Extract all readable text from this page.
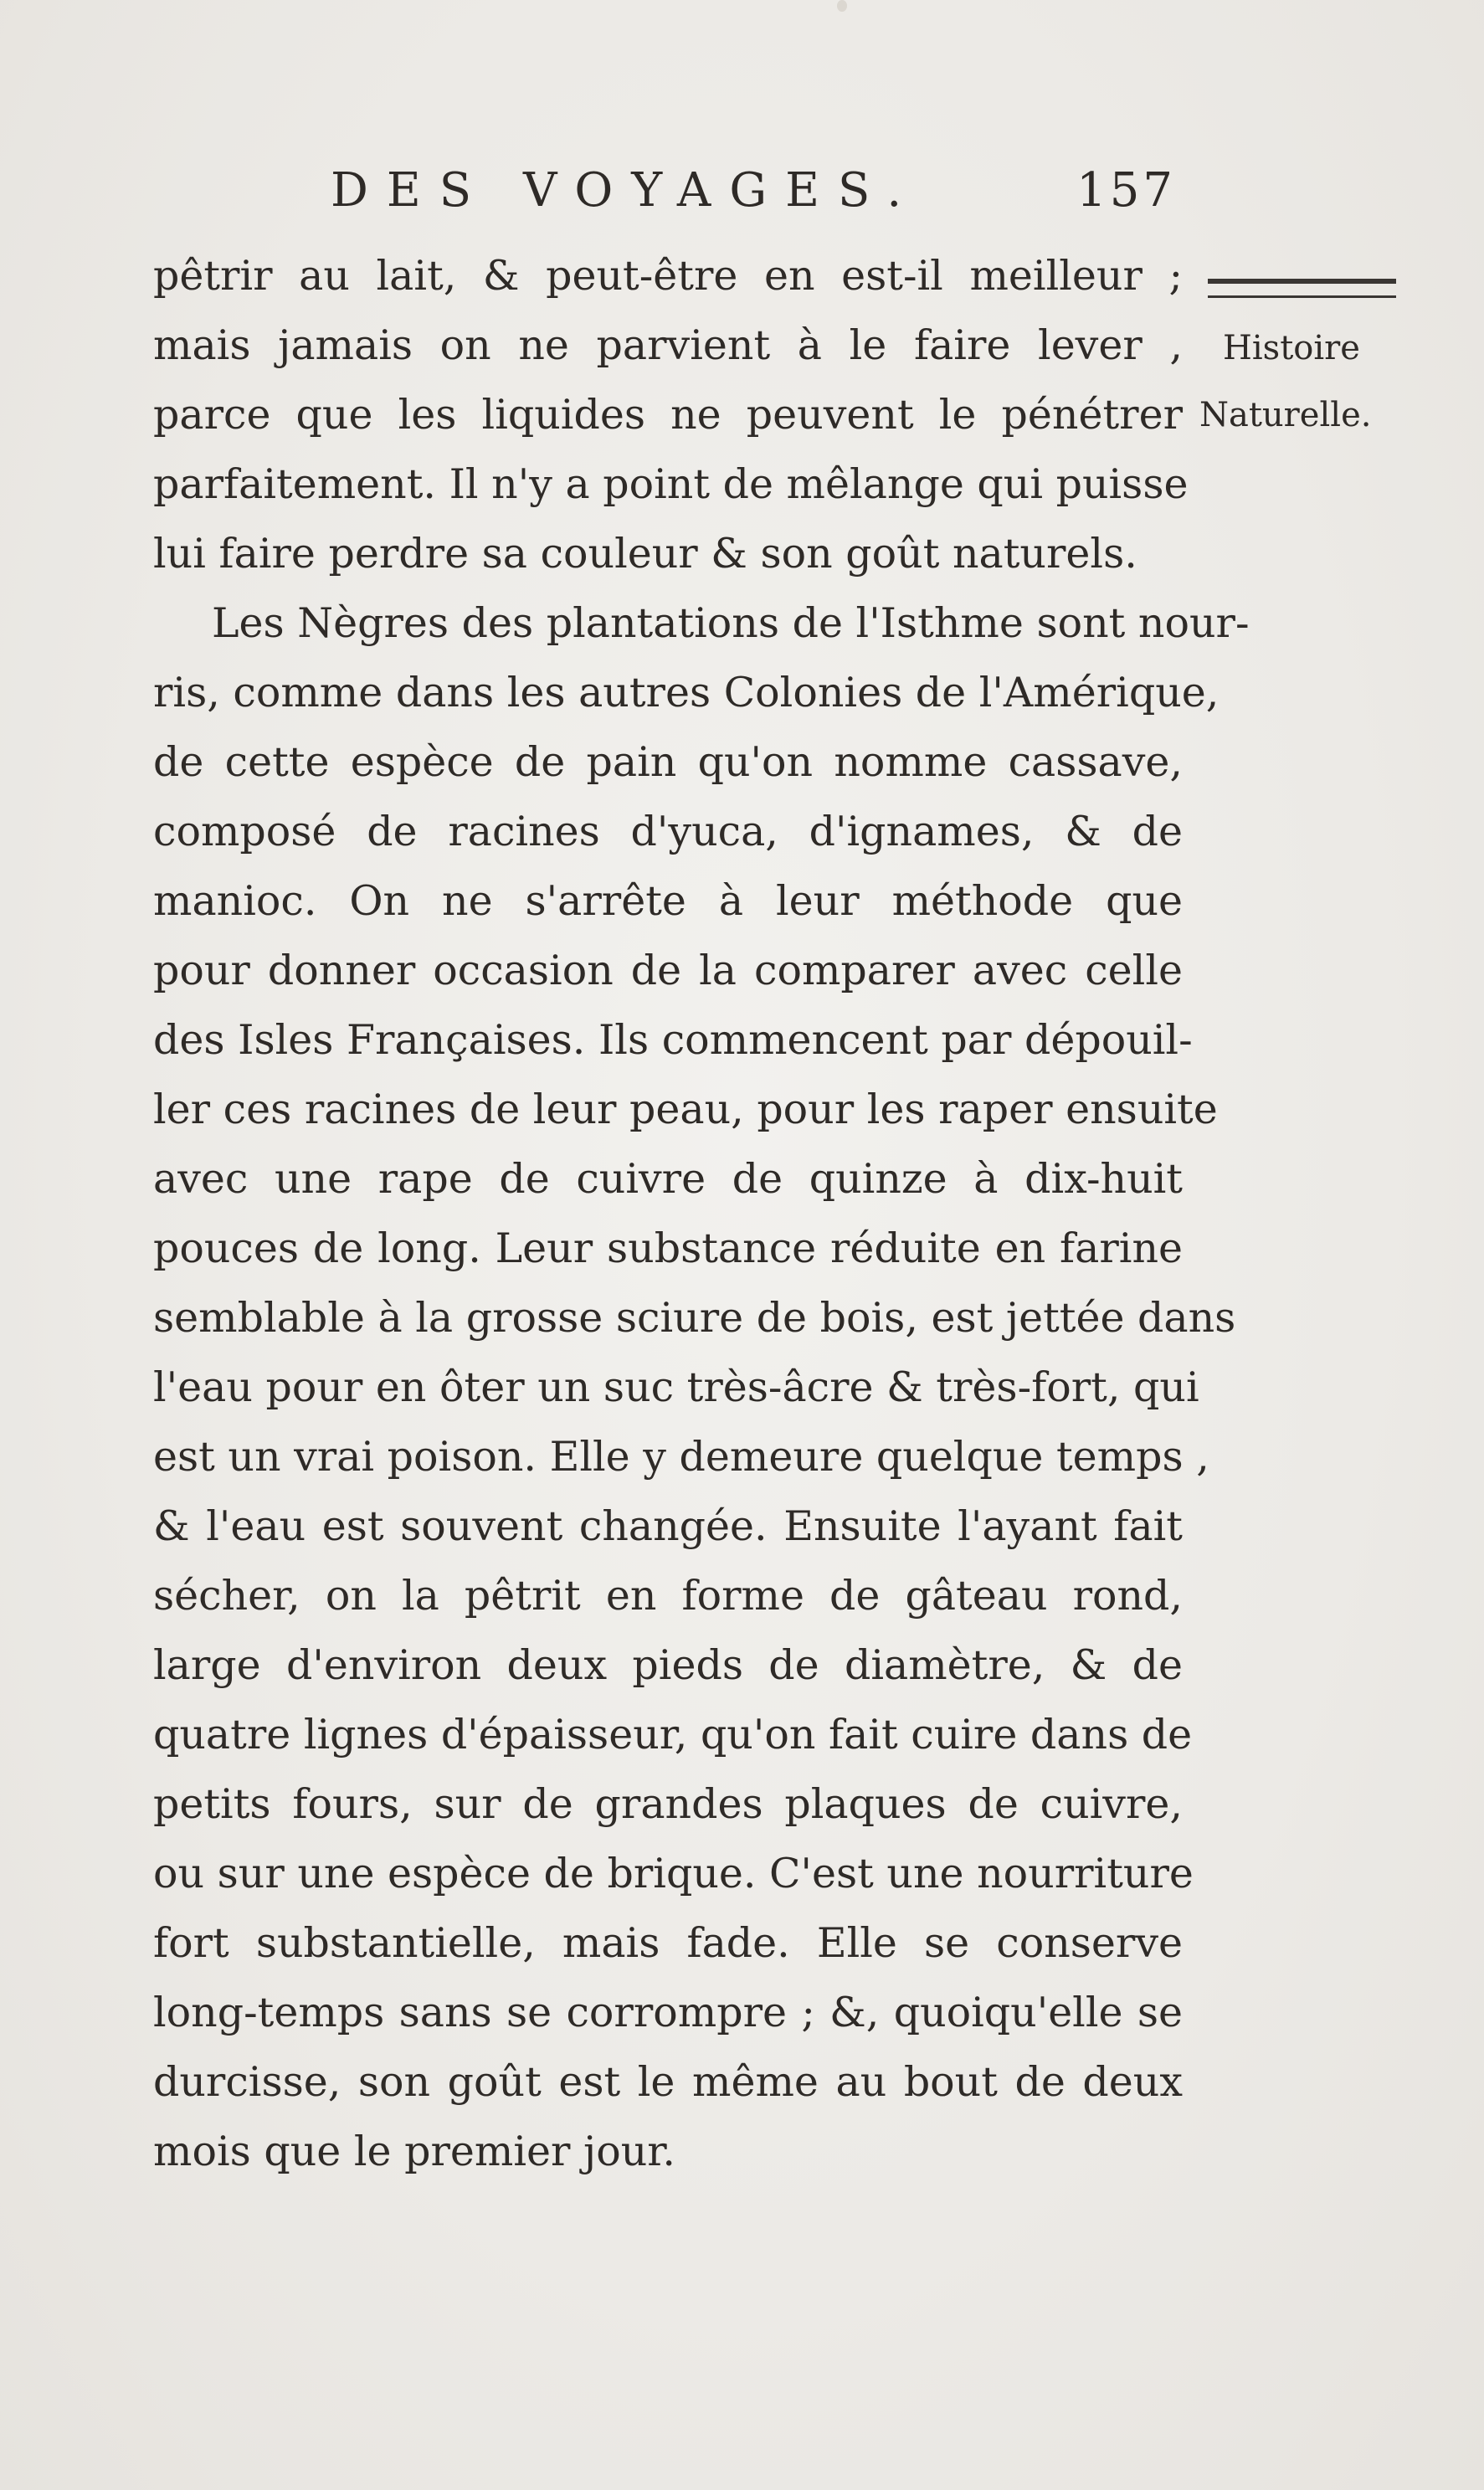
DES VOYAGES.	157
Histoire
Naturelle.
pêtrir au lait, & peut-être en est-il meilleur ;
mais jamais on ne parvient à le faire lever ,
parce que les liquides ne peuvent le pénétrer
parfaitement. Il n'y a point de mêlange qui puisse
lui faire perdre sa couleur & son goût naturels.
Les Nègres des plantations de l'Isthme sont nour-
ris, comme dans les autres Colonies de l'Amérique,
de cette espèce de pain qu'on nomme cassave,
composé de racines d'yuca, d'ignames, & de
manioc. On ne s'arrête à leur méthode que
pour donner occasion de la comparer avec celle
des Isles Françaises. Ils commencent par dépouil-
ler ces racines de leur peau, pour les raper ensuite
avec une rape de cuivre de quinze à dix-huit
pouces de long. Leur substance réduite en farine
semblable à la grosse sciure de bois, est jettée dans
l'eau pour en ôter un suc très-âcre & très-fort, qui
est un vrai poison. Elle y demeure quelque temps ,
& l'eau est souvent changée. Ensuite l'ayant fait
sécher, on la pêtrit en forme de gâteau rond,
large d'environ deux pieds de diamètre, & de
quatre lignes d'épaisseur, qu'on fait cuire dans de
petits fours, sur de grandes plaques de cuivre,
ou sur une espèce de brique. C'est une nourriture
fort substantielle, mais fade. Elle se conserve
long-temps sans se corrompre ; &, quoiqu'elle se
durcisse, son goût est le même au bout de deux
mois que le premier jour.
